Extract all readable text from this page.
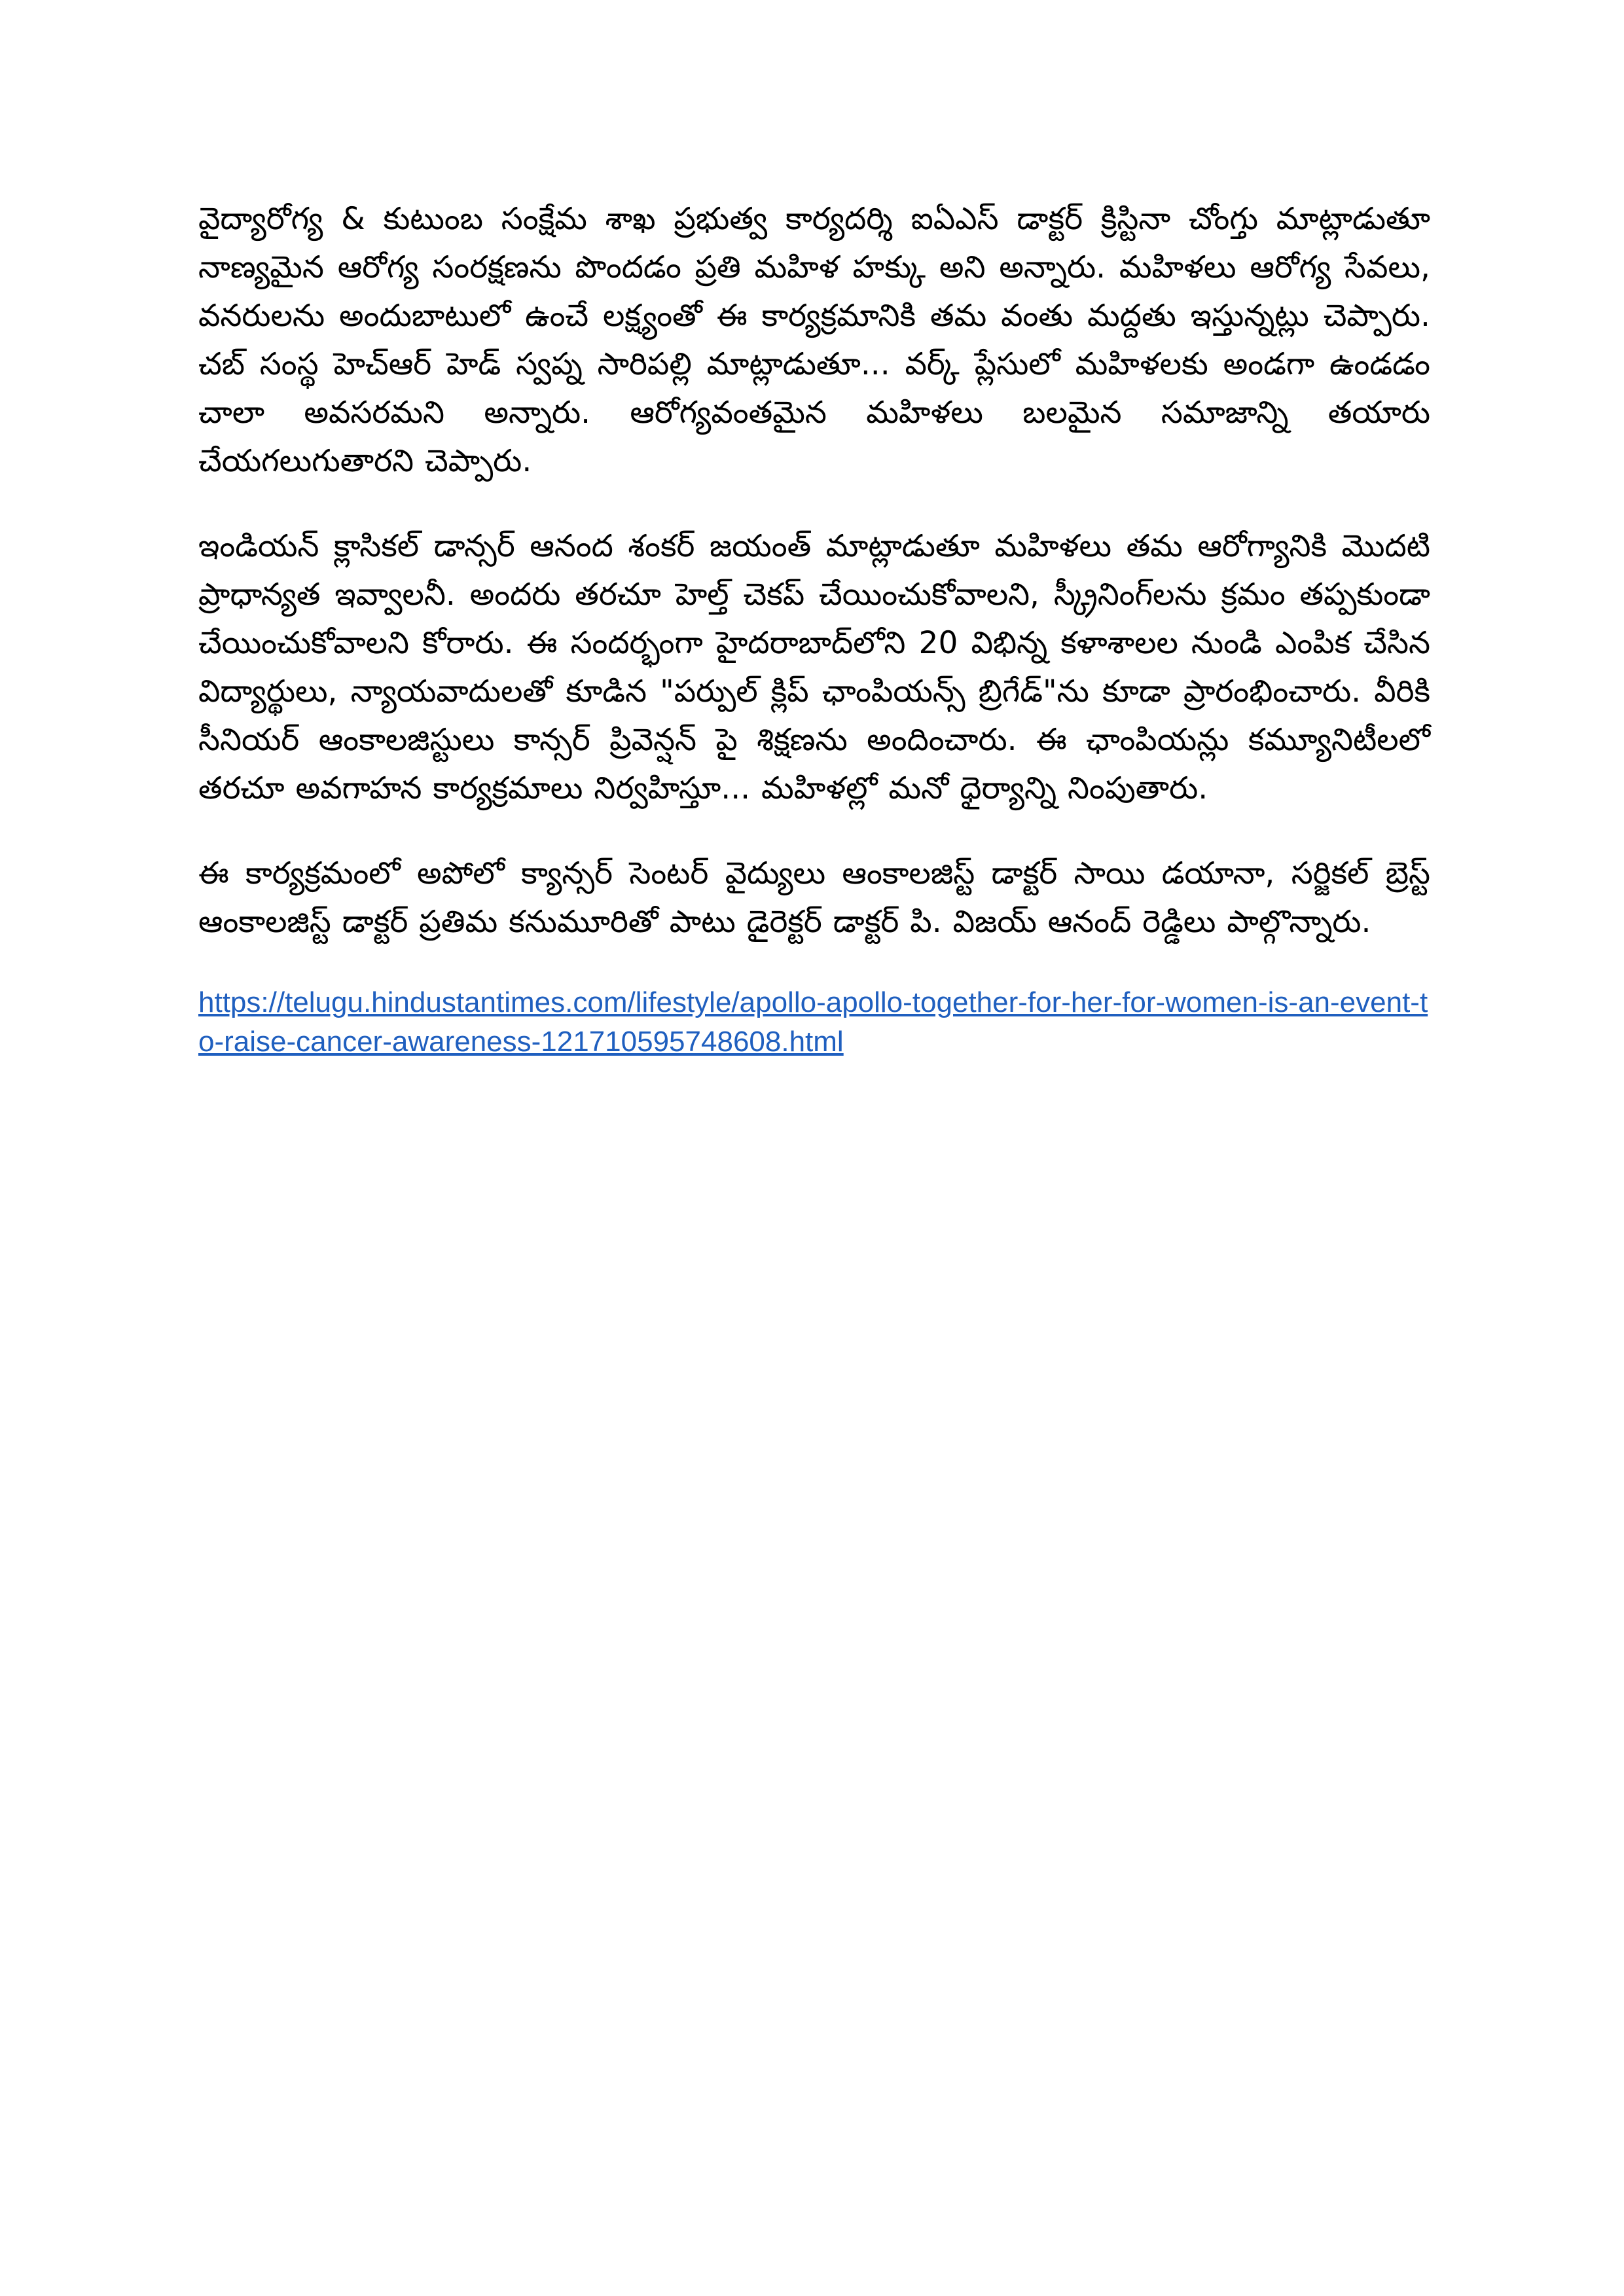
వైద్యారోగ్య & కుటుంబ సంక్షేమ శాఖ ప్రభుత్వ కార్యదర్శి ఐఏఎస్ డాక్టర్ క్రిస్టినా చోంగ్తు మాట్లాడుతూ నాణ్యమైన ఆరోగ్య సంరక్షణను పొందడం ప్రతి మహిళ హక్కు అని అన్నారు. మహిళలు ఆరోగ్య సేవలు, వనరులను అందుబాటులో ఉంచే లక్ష్యంతో ఈ కార్యక్రమానికి తమ వంతు మద్దతు ఇస్తున్నట్లు చెప్పారు. చబ్ సంస్థ హెచ్ఆర్ హెడ్ స్వప్న సారిపల్లి మాట్లాడుతూ... వర్క్ ప్లేసులో మహిళలకు అండగా ఉండడం చాలా అవసరమని అన్నారు. ఆరోగ్యవంతమైన మహిళలు బలమైన సమాజాన్ని తయారు చేయగలుగుతారని చెప్పారు.

ఇండియన్ క్లాసికల్ డాన్సర్ ఆనంద శంకర్ జయంత్ మాట్లాడుతూ మహిళలు తమ ఆరోగ్యానికి మొదటి ప్రాధాన్యత ఇవ్వాలనీ. అందరు తరచూ హెల్త్ చెకప్ చేయించుకోవాలని, స్క్రీనింగ్‌లను క్రమం తప్పకుండా చేయించుకోవాలని కోరారు. ఈ సందర్భంగా హైదరాబాద్‌లోని 20 విభిన్న కళాశాలల నుండి ఎంపిక చేసిన విద్యార్థులు, న్యాయవాదులతో కూడిన "పర్పుల్ క్లిప్ ఛాంపియన్స్ బ్రిగేడ్"ను కూడా ప్రారంభించారు. వీరికి సీనియర్ ఆంకాలజిస్టులు కాన్సర్ ప్రివెన్షన్ పై శిక్షణను అందించారు. ఈ ఛాంపియన్లు కమ్యూనిటీలలో తరచూ అవగాహన కార్యక్రమాలు నిర్వహిస్తూ... మహిళల్లో మనో ధైర్యాన్ని నింపుతారు.

ఈ కార్యక్రమంలో అపోలో క్యాన్సర్ సెంటర్ వైద్యులు ఆంకాలజిస్ట్ డాక్టర్ సాయి డయానా, సర్జికల్ బ్రెస్ట్ ఆంకాలజిస్ట్ డాక్టర్ ప్రతిమ కనుమూరితో పాటు డైరెక్టర్ డాక్టర్ పి. విజయ్ ఆనంద్ రెడ్డిలు పాల్గొన్నారు.

https://telugu.hindustantimes.com/lifestyle/apollo-apollo-together-for-her-for-women-is-an-event-to-raise-cancer-awareness-121710595748608.html
